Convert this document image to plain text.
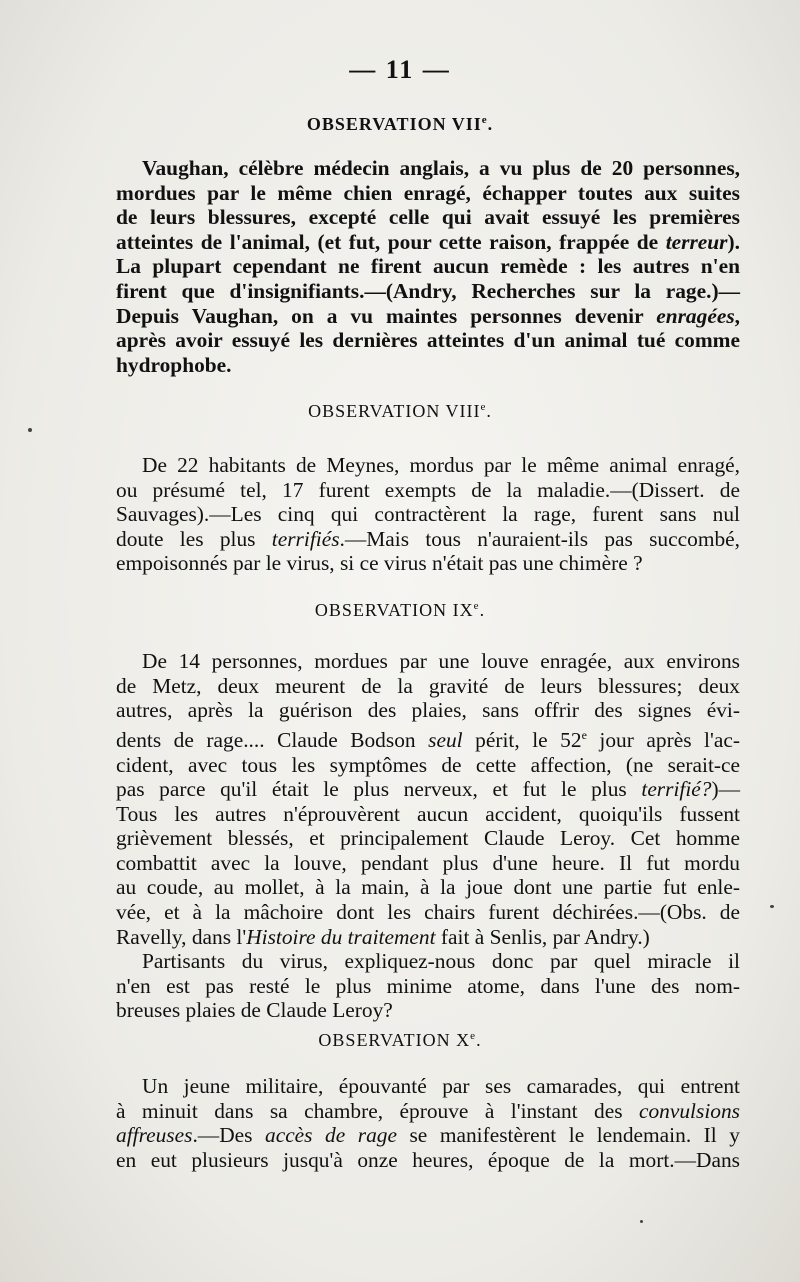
— 11 —
OBSERVATION VIIe.
Vaughan, célèbre médecin anglais, a vu plus de 20 personnes,
mordues par le même chien enragé, échapper toutes aux suites
de leurs blessures, excepté celle qui avait essuyé les premières
atteintes de l'animal, (et fut, pour cette raison, frappée de terreur).
La plupart cependant ne firent aucun remède : les autres n'en
firent que d'insignifiants.—(Andry, Recherches sur la rage.)—
Depuis Vaughan, on a vu maintes personnes devenir enragées,
après avoir essuyé les dernières atteintes d'un animal tué comme
hydrophobe.
OBSERVATION VIIIe.
De 22 habitants de Meynes, mordus par le même animal enragé,
ou présumé tel, 17 furent exempts de la maladie.—(Dissert. de
Sauvages).—Les cinq qui contractèrent la rage, furent sans nul
doute les plus terrifiés.—Mais tous n'auraient-ils pas succombé,
empoisonnés par le virus, si ce virus n'était pas une chimère ?
OBSERVATION IXe.
De 14 personnes, mordues par une louve enragée, aux environs
de Metz, deux meurent de la gravité de leurs blessures; deux
autres, après la guérison des plaies, sans offrir des signes évi-
dents de rage.... Claude Bodson seul périt, le 52e jour après l'ac-
cident, avec tous les symptômes de cette affection, (ne serait-ce
pas parce qu'il était le plus nerveux, et fut le plus terrifié?)—
Tous les autres n'éprouvèrent aucun accident, quoiqu'ils fussent
grièvement blessés, et principalement Claude Leroy. Cet homme
combattit avec la louve, pendant plus d'une heure. Il fut mordu
au coude, au mollet, à la main, à la joue dont une partie fut enle-
vée, et à la mâchoire dont les chairs furent déchirées.—(Obs. de
Ravelly, dans l'Histoire du traitement fait à Senlis, par Andry.)
Partisants du virus, expliquez-nous donc par quel miracle il
n'en est pas resté le plus minime atome, dans l'une des nom-
breuses plaies de Claude Leroy?
OBSERVATION Xe.
Un jeune militaire, épouvanté par ses camarades, qui entrent
à minuit dans sa chambre, éprouve à l'instant des convulsions
affreuses.—Des accès de rage se manifestèrent le lendemain. Il y
en eut plusieurs jusqu'à onze heures, époque de la mort.—Dans
